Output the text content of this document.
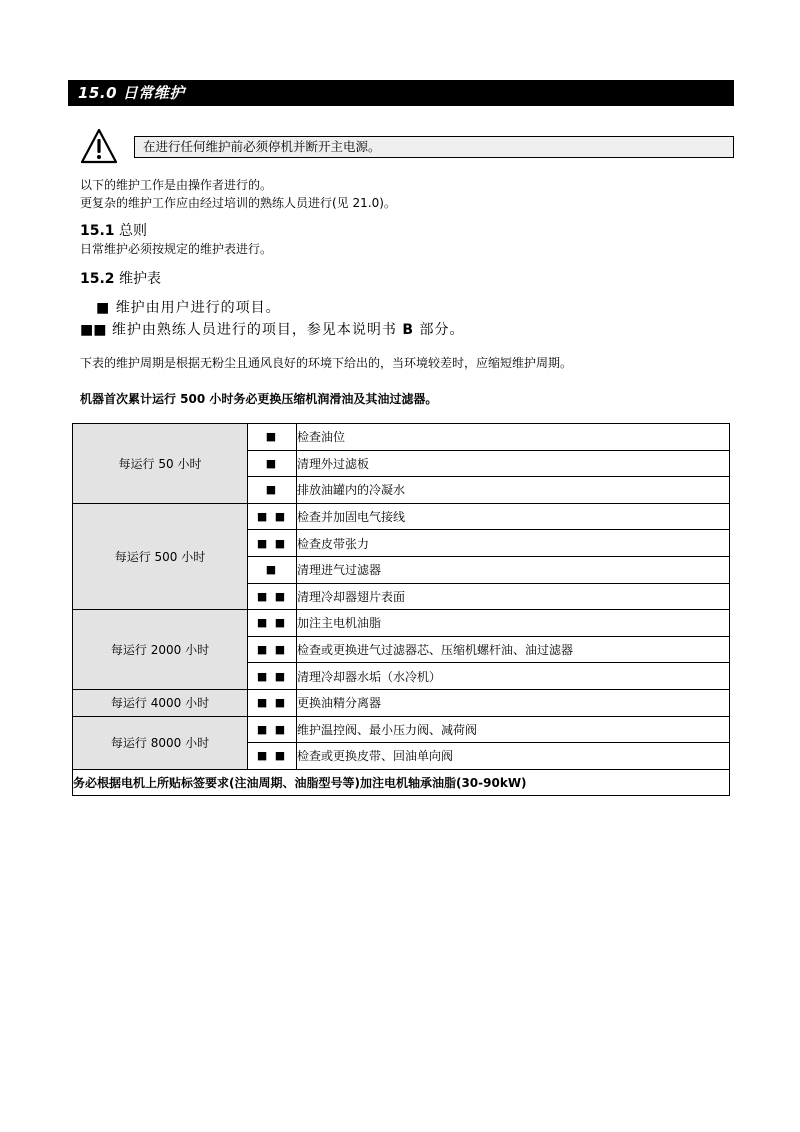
15.0 日常维护
在进行任何维护前必须停机并断开主电源。
以下的维护工作是由操作者进行的。
更复杂的维护工作应由经过培训的熟练人员进行(见 21.0)。
15.1 总则
日常维护必须按规定的维护表进行。
15.2 维护表
■ 维护由用户进行的项目。
■■ 维护由熟练人员进行的项目，参见本说明书 B 部分。
下表的维护周期是根据无粉尘且通风良好的环境下给出的，当环境较差时，应缩短维护周期。
机器首次累计运行 500 小时务必更换压缩机润滑油及其油过滤器。
每运行 50 小时	■	检查油位
	■	清理外过滤板
	■	排放油罐内的冷凝水
每运行 500 小时	■ ■	检查并加固电气接线
	■ ■	检查皮带张力
	■	清理进气过滤器
	■ ■	清理冷却器翅片表面
每运行 2000 小时	■ ■	加注主电机油脂
	■ ■	检查或更换进气过滤器芯、压缩机螺杆油、油过滤器
	■ ■	清理冷却器水垢（水冷机）
每运行 4000 小时	■ ■	更换油精分离器
每运行 8000 小时	■ ■	维护温控阀、最小压力阀、减荷阀
	■ ■	检查或更换皮带、回油单向阀
务必根据电机上所贴标签要求(注油周期、油脂型号等)加注电机轴承油脂(30-90kW)		
